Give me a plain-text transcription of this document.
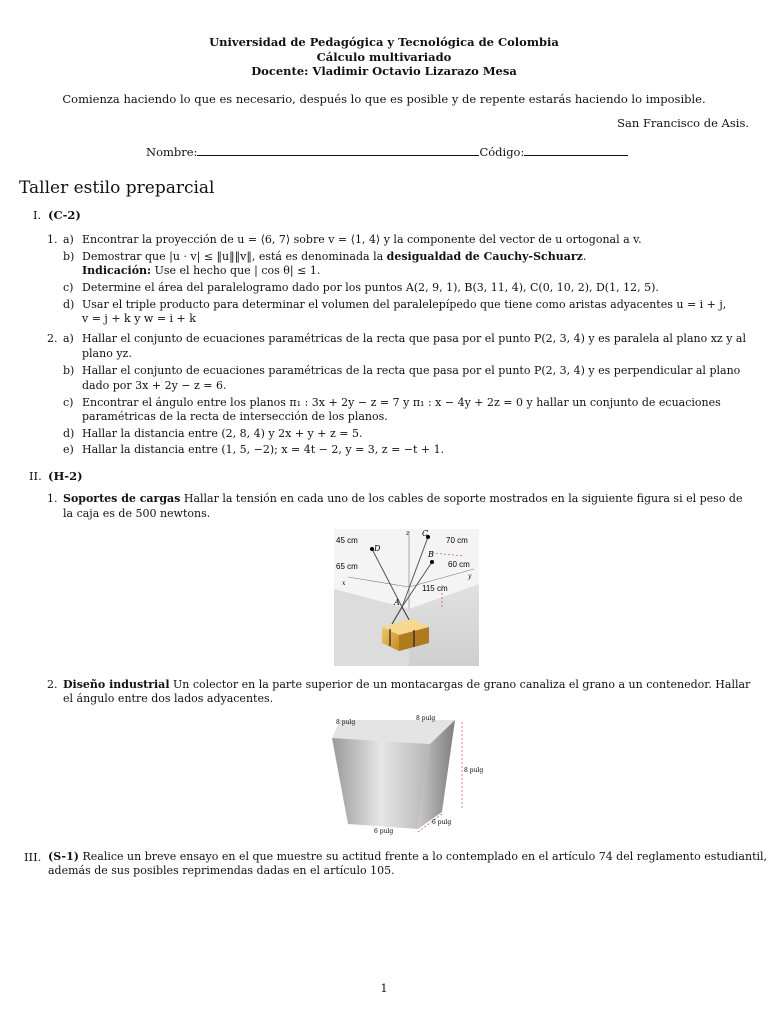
Universidad de Pedagógica y Tecnológica de Colombia
Cálculo multivariado
Docente: Vladimir Octavio Lizarazo Mesa
Comienza haciendo lo que es necesario, después lo que es posible y de repente estarás haciendo lo imposible.
San Francisco de Asis.
Nombre:	Código:
Taller estilo preparcial
I. (C-2)
1. a) Encontrar la proyección de u = ⟨6, 7⟩ sobre v = ⟨1, 4⟩ y la componente del vector de u ortogonal a v.
b) Demostrar que |u · v| ≤ ‖u‖‖v‖, está es denominada la desigualdad de Cauchy-Schuarz.
Indicación: Use el hecho que | cos θ| ≤ 1.
c) Determine el área del paralelogramo dado por los puntos A(2, 9, 1), B(3, 11, 4), C(0, 10, 2), D(1, 12, 5).
d) Usar el triple producto para determinar el volumen del paralelepípedo que tiene como aristas adyacentes u = i + j,
v = j + k y w = i + k
2. a) Hallar el conjunto de ecuaciones paramétricas de la recta que pasa por el punto P(2, 3, 4) y es paralela al plano xz y al
plano yz.
b) Hallar el conjunto de ecuaciones paramétricas de la recta que pasa por el punto P(2, 3, 4) y es perpendicular al plano
dado por 3x + 2y − z = 6.
c) Encontrar el ángulo entre los planos π₁ : 3x + 2y − z = 7 y π₁ : x − 4y + 2z = 0 y hallar un conjunto de ecuaciones
paramétricas de la recta de intersección de los planos.
d) Hallar la distancia entre (2, 8, 4) y 2x + y + z = 5.
e) Hallar la distancia entre (1, 5, −2); x = 4t − 2, y = 3, z = −t + 1.
II. (H-2)
1. Soportes de cargas Hallar la tensión en cada uno de los cables de soporte mostrados en la siguiente figura si el peso de
la caja es de 500 newtons.
45 cm	70 cm
65 cm	60 cm
115 cm
D
C
B
A
z
y
x
2. Diseño industrial Un colector en la parte superior de un montacargas de grano canaliza el grano a un contenedor. Hallar
el ángulo entre dos lados adyacentes.
8 pulg
8 pulg
8 pulg
6 pulg
6 pulg
III. (S-1) Realice un breve ensayo en el que muestre su actitud frente a lo contemplado en el artículo 74 del reglamento estudiantil,
además de sus posibles reprimendas dadas en el artículo 105.
1
